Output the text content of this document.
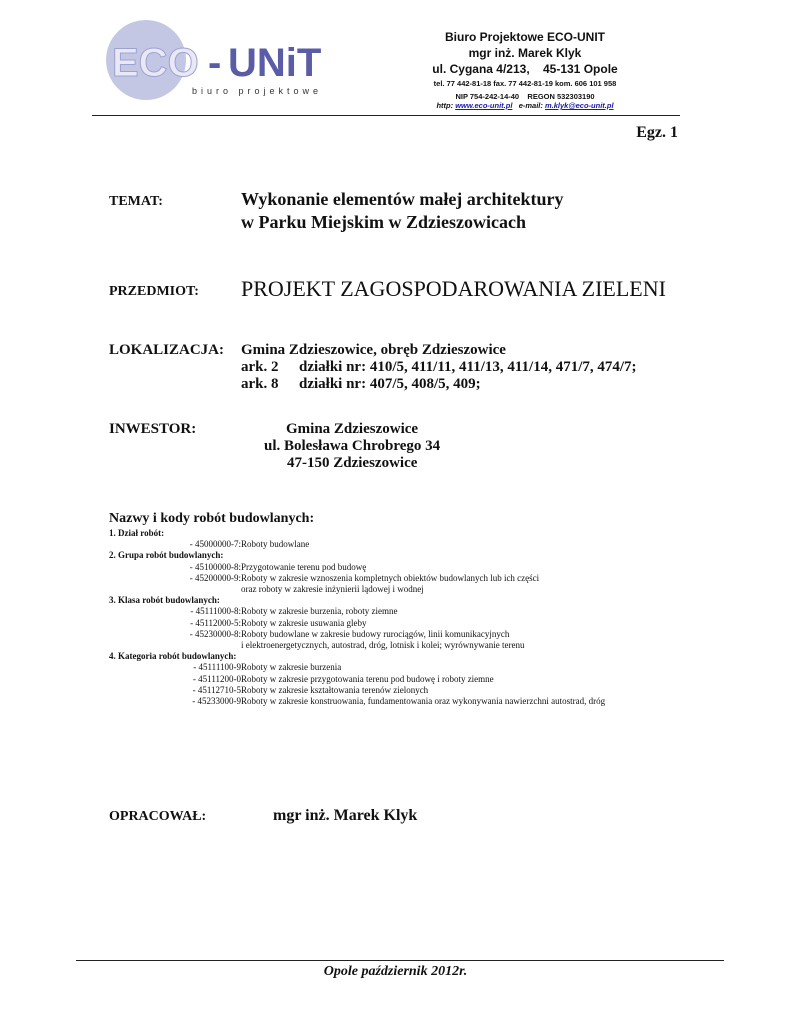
ECO - UNiT
biuro projektowe
Biuro Projektowe ECO-UNIT
mgr inż. Marek Klyk
ul. Cygana 4/213,    45-131 Opole
tel. 77 442-81-18 fax. 77 442-81-19 kom. 606 101 958
NIP 754-242-14-40    REGON 532303190
http: www.eco-unit.pl e-mail: m.klyk@eco-unit.pl
Egz. 1
TEMAT:	Wykonanie elementów małej architektury
w Parku Miejskim w Zdzieszowicach
PRZEDMIOT: PROJEKT ZAGOSPODAROWANIA ZIELENI
LOKALIZACJA: Gmina Zdzieszowice, obręb Zdzieszowice
ark. 2 działki nr: 410/5, 411/11, 411/13, 411/14, 471/7, 474/7;
ark. 8 działki nr: 407/5, 408/5, 409;
INWESTOR:	Gmina Zdzieszowice
ul. Bolesława Chrobrego 34
47-150 Zdzieszowice
Nazwy i kody robót budowlanych:
1. Dział robót:
- 45000000-7: Roboty budowlane
2. Grupa robót budowlanych:
- 45100000-8: Przygotowanie terenu pod budowę
- 45200000-9: Roboty w zakresie wznoszenia kompletnych obiektów budowlanych lub ich części
oraz roboty w zakresie inżynierii lądowej i wodnej
3. Klasa robót budowlanych:
- 45111000-8: Roboty w zakresie burzenia, roboty ziemne
- 45112000-5: Roboty w zakresie usuwania gleby
- 45230000-8: Roboty budowlane w zakresie budowy rurociągów, linii komunikacyjnych
i elektroenergetycznych, autostrad, dróg, lotnisk i kolei; wyrównywanie terenu
4. Kategoria robót budowlanych:
- 45111100-9 Roboty w zakresie burzenia
- 45111200-0 Roboty w zakresie przygotowania terenu pod budowę i roboty ziemne
- 45112710-5 Roboty w zakresie kształtowania terenów zielonych
- 45233000-9 Roboty w zakresie konstruowania, fundamentowania oraz wykonywania nawierzchni autostrad, dróg
OPRACOWAŁ:	mgr inż. Marek Klyk
Opole październik 2012r.
